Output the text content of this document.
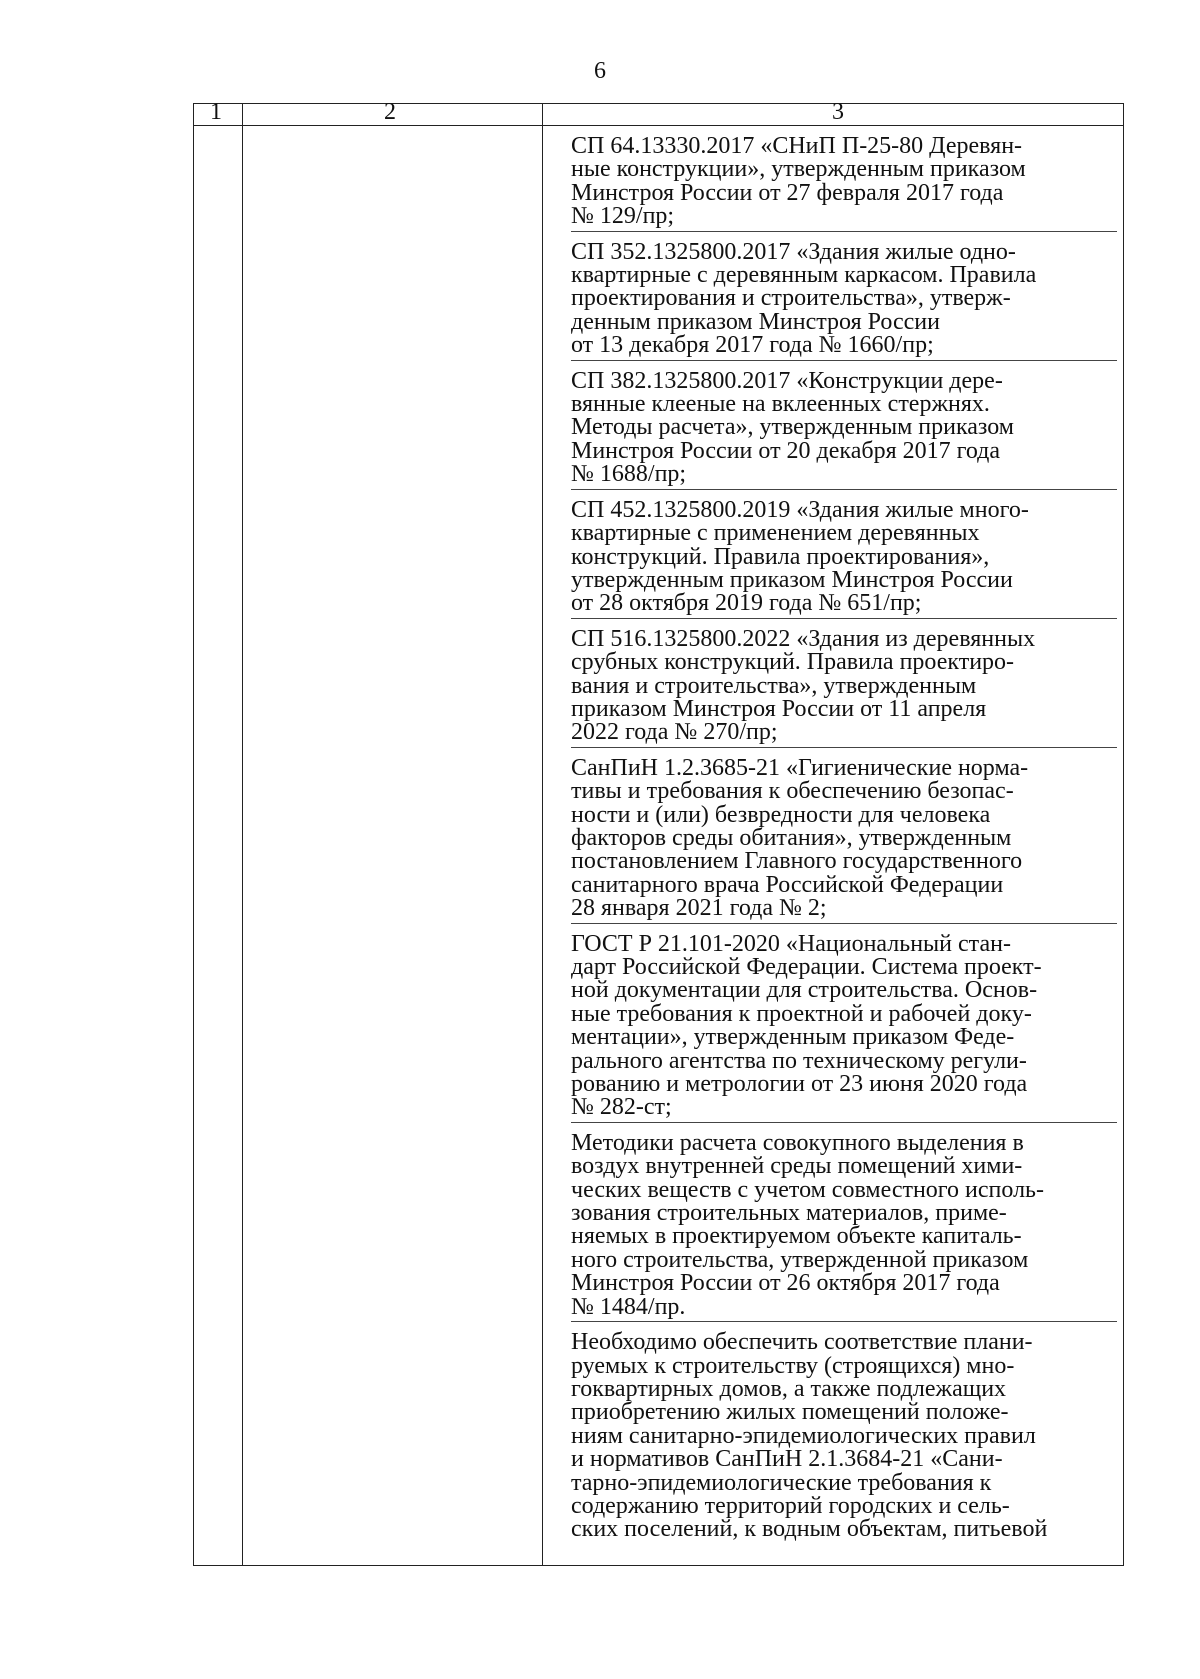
6
1	2	3

СП 64.13330.2017 «СНиП П-25-80 Деревян-
ные конструкции», утвержденным приказом
Минстроя России от 27 февраля 2017 года
№ 129/пр;

СП 352.1325800.2017 «Здания жилые одно-
квартирные с деревянным каркасом. Правила
проектирования и строительства», утверж-
денным приказом Минстроя России
от 13 декабря 2017 года № 1660/пр;

СП 382.1325800.2017 «Конструкции дере-
вянные клееные на вклеенных стержнях.
Методы расчета», утвержденным приказом
Минстроя России от 20 декабря 2017 года
№ 1688/пр;

СП 452.1325800.2019 «Здания жилые много-
квартирные с применением деревянных
конструкций. Правила проектирования»,
утвержденным приказом Минстроя России
от 28 октября 2019 года № 651/пр;

СП 516.1325800.2022 «Здания из деревянных
срубных конструкций. Правила проектиро-
вания и строительства», утвержденным
приказом Минстроя России от 11 апреля
2022 года № 270/пр;

СанПиН 1.2.3685-21 «Гигиенические норма-
тивы и требования к обеспечению безопас-
ности и (или) безвредности для человека
факторов среды обитания», утвержденным
постановлением Главного государственного
санитарного врача Российской Федерации
28 января 2021 года № 2;

ГОСТ Р 21.101-2020 «Национальный стан-
дарт Российской Федерации. Система проект-
ной документации для строительства. Основ-
ные требования к проектной и рабочей доку-
ментации», утвержденным приказом Феде-
рального агентства по техническому регули-
рованию и метрологии от 23 июня 2020 года
№ 282-ст;

Методики расчета совокупного выделения в
воздух внутренней среды помещений хими-
ческих веществ с учетом совместного исполь-
зования строительных материалов, приме-
няемых в проектируемом объекте капиталь-
ного строительства, утвержденной приказом
Минстроя России от 26 октября 2017 года
№ 1484/пр.

Необходимо обеспечить соответствие плани-
руемых к строительству (строящихся) мно-
гоквартирных домов, а также подлежащих
приобретению жилых помещений положе-
ниям санитарно-эпидемиологических правил
и нормативов СанПиН 2.1.3684-21 «Сани-
тарно-эпидемиологические требования к
содержанию территорий городских и сель-
ских поселений, к водным объектам, питьевой
